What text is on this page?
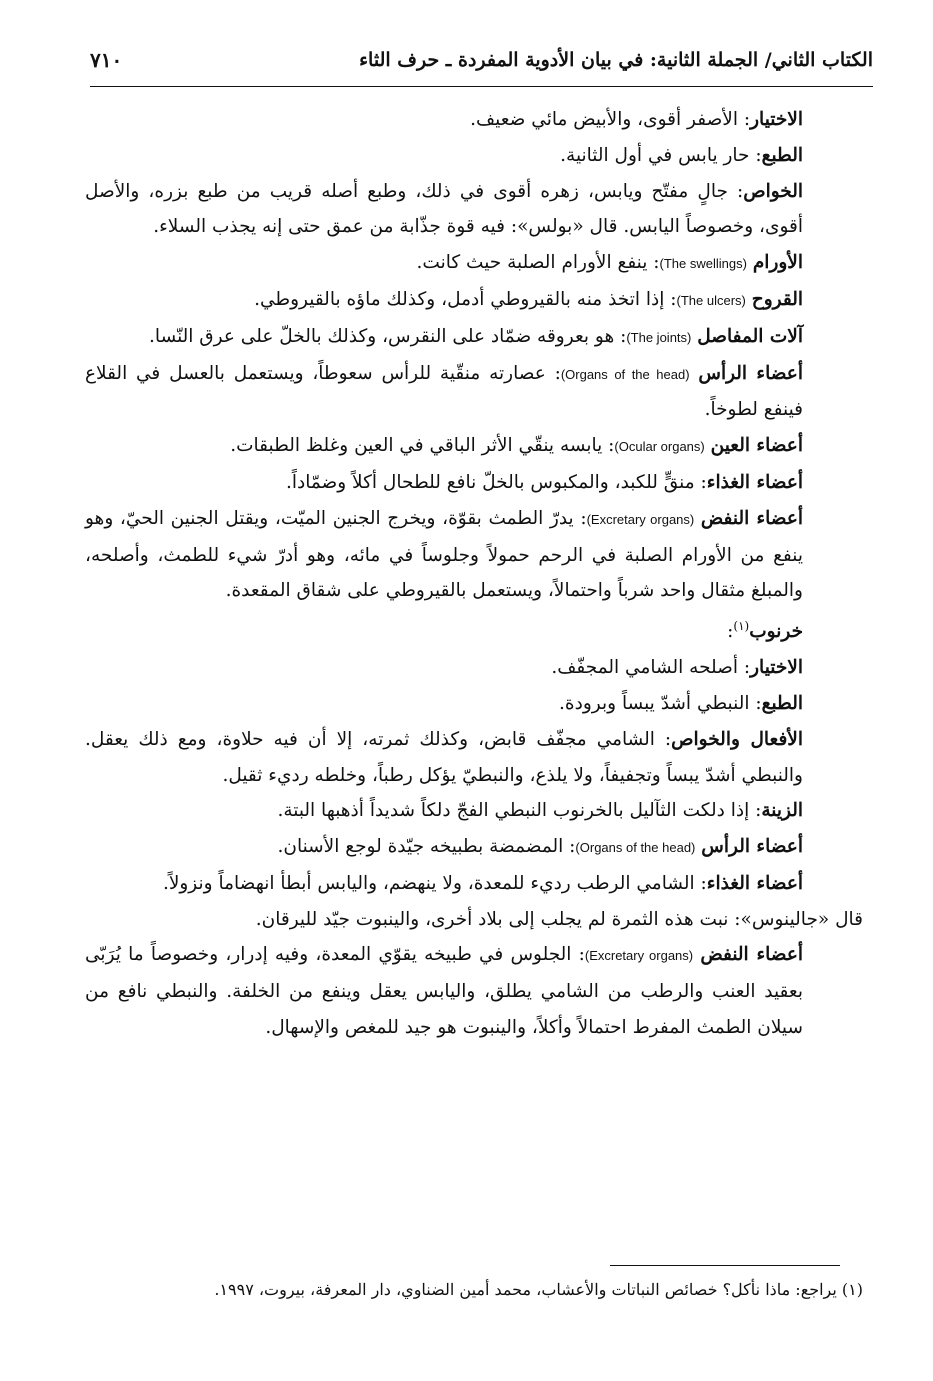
الكتاب الثاني/ الجملة الثانية: في بيان الأدوية المفردة ـ حرف الثاء
٧١٠

الاختيار: الأصفر أقوى، والأبيض مائي ضعيف.

الطبع: حار يابس في أول الثانية.

الخواص: جالٍ مفتّح ويابس، زهره أقوى في ذلك، وطبع أصله قريب من طبع بزره، والأصل أقوى، وخصوصاً اليابس. قال «بولس»: فيه قوة جذّابة من عمق حتى إنه يجذب السلاء.

الأورام (The swellings): ينفع الأورام الصلبة حيث كانت.

القروح (The ulcers): إذا اتخذ منه بالقيروطي أدمل، وكذلك ماؤه بالقيروطي.

آلات المفاصل (The joints): هو بعروقه ضمّاد على النقرس، وكذلك بالخلّ على عرق النّسا.

أعضاء الرأس (Organs of the head): عصارته منقّية للرأس سعوطاً، ويستعمل بالعسل في القلاع فينفع لطوخاً.

أعضاء العين (Ocular organs): يابسه ينقّي الأثر الباقي في العين وغلظ الطبقات.

أعضاء الغذاء: منقٍّ للكبد، والمكبوس بالخلّ نافع للطحال أكلاً وضمّاداً.

أعضاء النفض (Excretary organs): يدرّ الطمث بقوّة، ويخرج الجنين الميّت، ويقتل الجنين الحيّ، وهو ينفع من الأورام الصلبة في الرحم حمولاً وجلوساً في مائه، وهو أدرّ شيء للطمث، وأصلحه، والمبلغ مثقال واحد شرباً واحتمالاً، ويستعمل بالقيروطي على شقاق المقعدة.

خرنوب$^{(١)}$:

الاختيار: أصلحه الشامي المجفّف.

الطبع: النبطي أشدّ يبساً وبرودة.

الأفعال والخواص: الشامي مجفّف قابض، وكذلك ثمرته، إلا أن فيه حلاوة، ومع ذلك يعقل. والنبطي أشدّ يبساً وتجفيفاً، ولا يلذع، والنبطيّ يؤكل رطباً، وخلطه رديء ثقيل.

الزينة: إذا دلكت الثآليل بالخرنوب النبطي الفجّ دلكاً شديداً أذهبها البتة.

أعضاء الرأس (Organs of the head): المضمضة بطبيخه جيّدة لوجع الأسنان.

أعضاء الغذاء: الشامي الرطب رديء للمعدة، ولا ينهضم، واليابس أبطأ انهضاماً ونزولاً.

قال «جالينوس»: نبت هذه الثمرة لم يجلب إلى بلاد أخرى، والينبوت جيّد لليرقان.

أعضاء النفض (Excretary organs): الجلوس في طبيخه يقوّي المعدة، وفيه إدرار، وخصوصاً ما يُرَبّى بعقيد العنب والرطب من الشامي يطلق، واليابس يعقل وينفع من الخلفة. والنبطي نافع من سيلان الطمث المفرط احتمالاً وأكلاً، والينبوت هو جيد للمغص والإسهال.

(١) يراجع: ماذا نأكل؟ خصائص النباتات والأعشاب، محمد أمين الضناوي، دار المعرفة، بيروت، ١٩٩٧.
